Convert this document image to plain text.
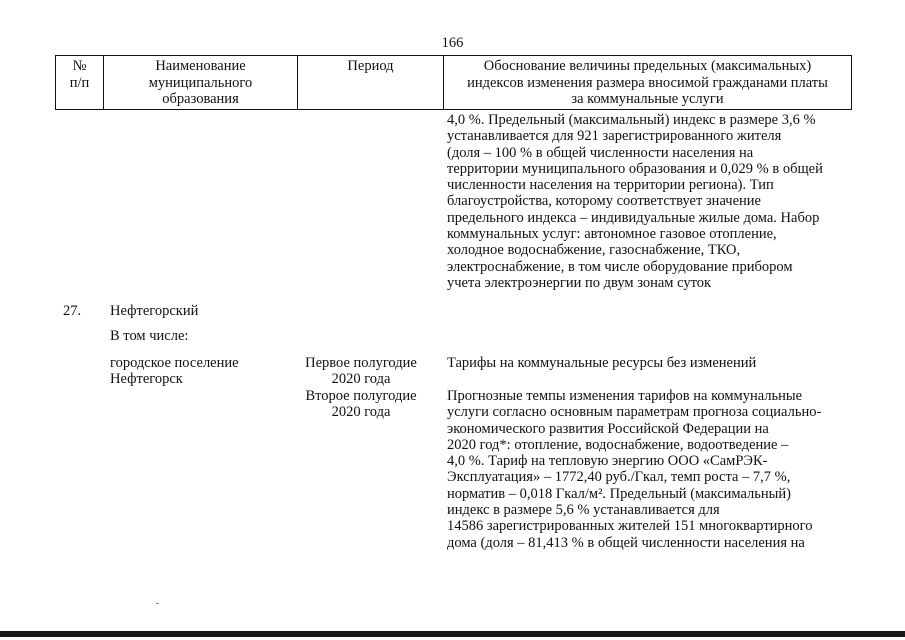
166
№
п/п
Наименование
муниципального
образования
Период	Обоснование величины предельных (максимальных)
индексов изменения размера вносимой гражданами платы
за коммунальные услуги
4,0 %. Предельный (максимальный) индекс в размере 3,6 %
устанавливается для 921 зарегистрированного жителя
(доля – 100 % в общей численности населения на
территории муниципального образования и 0,029 % в общей
численности населения на территории региона). Тип
благоустройства, которому соответствует значение
предельного индекса – индивидуальные жилые дома. Набор
коммунальных услуг: автономное газовое отопление,
холодное водоснабжение, газоснабжение, ТКО,
электроснабжение, в том числе оборудование прибором
учета электроэнергии по двум зонам суток
27. Нефтегорский
В том числе:
городское поселение
Нефтегорск
Первое полугодие
2020 года
Второе полугодие
2020 года
Тарифы на коммунальные ресурсы без изменений
Прогнозные темпы изменения тарифов на коммунальные
услуги согласно основным параметрам прогноза социально-
экономического развития Российской Федерации на
2020 год*: отопление, водоснабжение, водоотведение –
4,0 %. Тариф на тепловую энергию ООО «СамРЭК-
Эксплуатация» – 1772,40 руб./Гкал, темп роста – 7,7 %,
норматив – 0,018 Гкал/м². Предельный (максимальный)
индекс в размере 5,6 % устанавливается для
14586 зарегистрированных жителей 151 многоквартирного
дома (доля – 81,413 % в общей численности населения на
